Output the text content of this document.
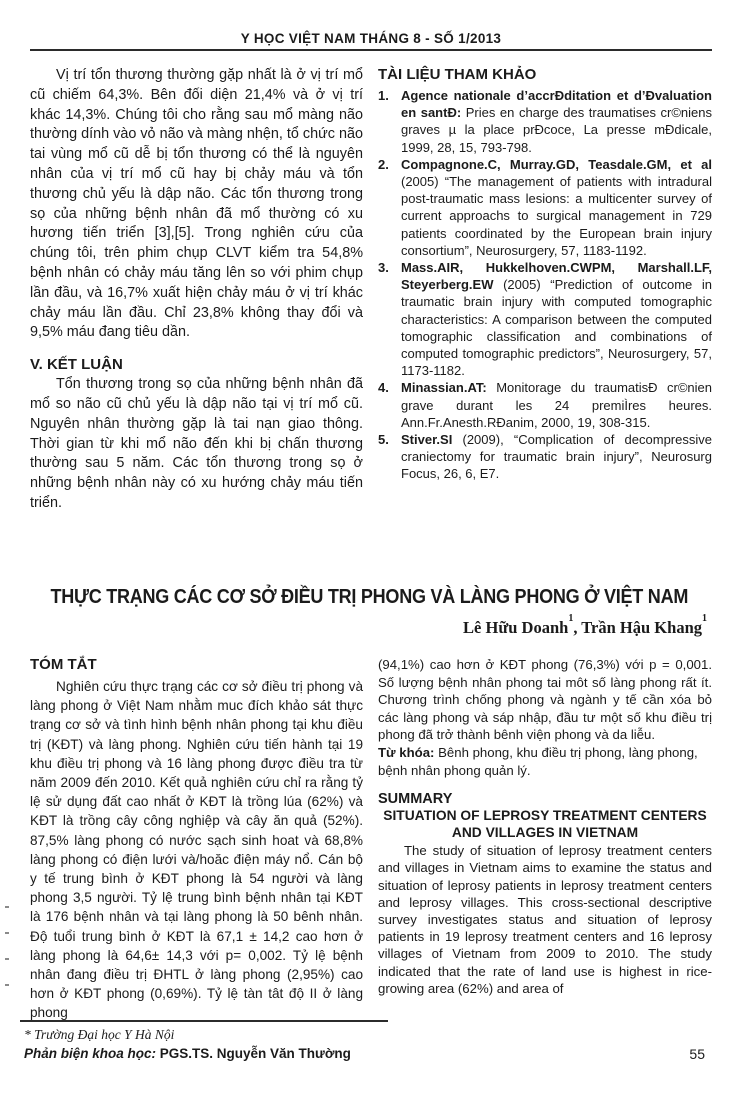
Y HỌC VIỆT NAM THÁNG 8 - SỐ 1/2013

Vị trí tổn thương thường gặp nhất là ở vị trí mổ cũ chiếm 64,3%. Bên đối diện 21,4% và ở vị trí khác 14,3%. Chúng tôi cho rằng sau mổ màng não thường dính vào vỏ não và màng nhện, tổ chức não tai vùng mổ cũ dễ bị tổn thương có thể là nguyên nhân của vị trí mổ cũ hay bị chảy máu và tổn thương chủ yếu là dập não. Các tổn thương trong sọ của những bệnh nhân đã mổ thường có xu hương tiến triển [3],[5]. Trong nghiên cứu của chúng tôi, trên phim chụp CLVT kiểm tra 54,8% bệnh nhân có chảy máu tăng lên so với phim chụp lần đầu, và 16,7% xuất hiện chảy máu ở vị trí khác chảy máu lần đầu. Chỉ 23,8% không thay đổi và 9,5% máu đang tiêu dần.

V. KẾT LUẬN

Tổn thương trong sọ của những bệnh nhân đã mổ so não cũ chủ yếu là dập não tại vị trí mổ cũ. Nguyên nhân thường gặp là tai nạn giao thông. Thời gian từ khi mổ não đến khi bị chấn thương thường sau 5 năm. Các tổn thương trong sọ ở những bệnh nhân này có xu hướng chảy máu tiến triển.

TÀI LIỆU THAM KHẢO
1. Agence nationale d’accrĐditation et d’Đvaluation en santĐ: Pries en charge des traumatises cr©niens graves µ la place prĐcoce, La presse mĐdicale, 1999, 28, 15, 793-798.
2. Compagnone.C, Murray.GD, Teasdale.GM, et al (2005) “The management of patients with intradural post-traumatic mass lesions: a multicenter survey of current approachs to surgical management in 729 patients coordinated by the European brain injury consortium”, Neurosurgery, 57, 1183-1192.
3. Mass.AIR, Hukkelhoven.CWPM, Marshall.LF, Steyerberg.EW (2005) “Prediction of outcome in traumatic brain injury with computed tomographic characteristics: A comparison between the computed tomographic classification and combinations of computed tomographic predictors”, Neurosurgery, 57, 1173-1182.
4. Minassian.AT: Monitorage du traumatisĐ cr©nien grave durant les 24 premiÌres heures. Ann.Fr.Anesth.RĐanim, 2000, 19, 308-315.
5. Stiver.SI (2009), “Complication of decompressive craniectomy for traumatic brain injury”, Neurosurg Focus, 26, 6, E7.
THỰC TRẠNG CÁC CƠ SỞ ĐIỀU TRỊ PHONG VÀ LÀNG PHONG Ở VIỆT NAM
Lê Hữu Doanh$^1$, Trần Hậu Khang$^1$
TÓM TẮT

Nghiên cứu thực trạng các cơ sở điều trị phong và làng phong ở Việt Nam nhằm muc đích khảo sát thực trạng cơ sở và tình hình bệnh nhân phong tại khu điều trị (KĐT) và làng phong. Nghiên cứu tiến hành tại 19 khu điều trị phong và 16 làng phong được điều tra từ năm 2009 đến 2010. Kết quả nghiên cứu chỉ ra rằng tỷ lệ sử dụng đất cao nhất ở KĐT là trồng lúa (62%) và KĐT là trồng cây công nghiệp và cây ăn quả (52%). 87,5% làng phong có nước sạch sinh hoat và 68,8% làng phong có điện lưới và/hoăc điện máy nổ. Cán bộ y tế trung bình ở KĐT phong là 54 người và làng phong 3,5 người. Tỷ lệ trung bình bệnh nhân tại KĐT là 176 bệnh nhân và tại làng phong là 50 bênh nhân. Độ tuổi trung bình ở KĐT là 67,1 ± 14,2 cao hơn ở làng phong là 64,6± 14,3 với p= 0,002. Tỷ lệ bệnh nhân đang điều trị ĐHTL ở làng phong (2,95%) cao hơn ở KĐT phong (0,69%). Tỷ lệ tàn tât độ II ở làng phong

(94,1%) cao hơn ở KĐT phong (76,3%) với p = 0,001. Số lượng bệnh nhân phong tai môt số làng phong rất ít. Chương trình chống phong và ngành y tế cần xóa bỏ các làng phong và sáp nhập, đầu tư một số khu điều trị phong đã trở thành bênh viện phong và da liễu.

Từ khóa: Bênh phong, khu điều trị phong, làng phong, bệnh nhân phong quản lý.

SUMMARY
SITUATION OF LEPROSY TREATMENT CENTERS AND VILLAGES IN VIETNAM

The study of situation of leprosy treatment centers and villages in Vietnam aims to examine the status and situation of leprosy patients in leprosy treatment centers and leprosy villages. This cross-sectional descriptive survey investigates status and situation of leprosy patients in 19 leprosy treatment centers and 16 leprosy villages of Vietnam from 2009 to 2010. The study indicated that the rate of land use is highest in rice-growing area (62%) and area of

* Trường Đại học Y Hà Nội
Phản biện khoa học: PGS.TS. Nguyễn Văn Thường	55
